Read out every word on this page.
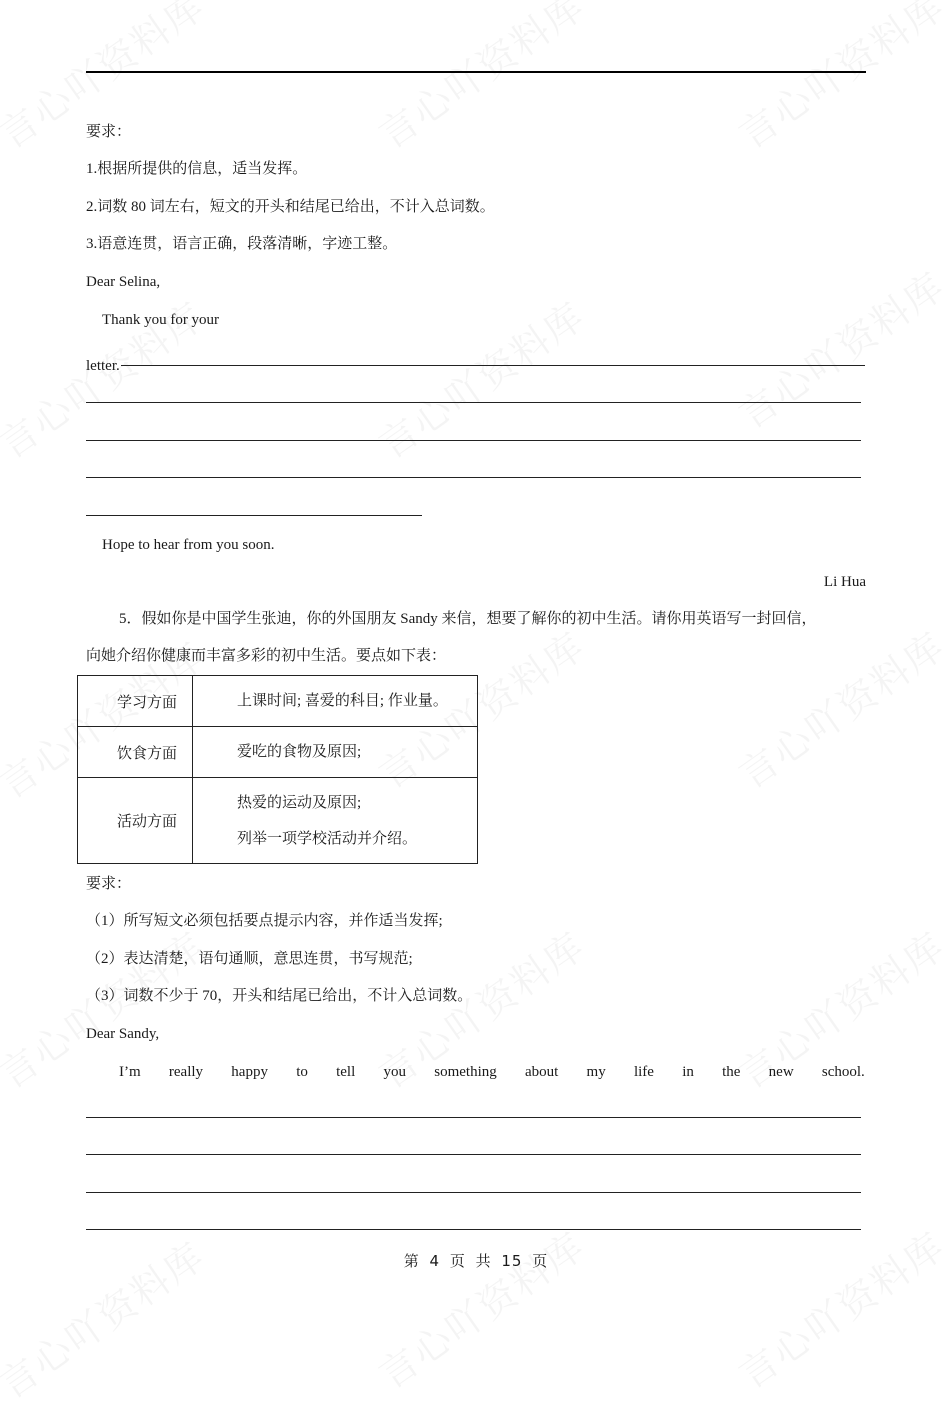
要求：
1.根据所提供的信息，适当发挥。
2.词数 80 词左右，短文的开头和结尾已给出，不计入总词数。
3.语意连贯，语言正确，段落清晰，字迹工整。
Dear Selina,
Thank you for your
letter.
Hope to hear from you soon.
Li Hua
5．假如你是中国学生张迪，你的外国朋友 Sandy 来信，想要了解你的初中生活。请你用英语写一封回信，
向她介绍你健康而丰富多彩的初中生活。要点如下表：
学习方面	上课时间; 喜爱的科目; 作业量。
饮食方面	爱吃的食物及原因;
活动方面
热爱的运动及原因;
列举一项学校活动并介绍。
要求：
（1）所写短文必须包括要点提示内容，并作适当发挥;
（2）表达清楚，语句通顺，意思连贯，书写规范;
（3）词数不少于 70，开头和结尾已给出，不计入总词数。
Dear Sandy,
I’m really happy to tell you something about my life in the new school.
第 4 页 共 15 页
